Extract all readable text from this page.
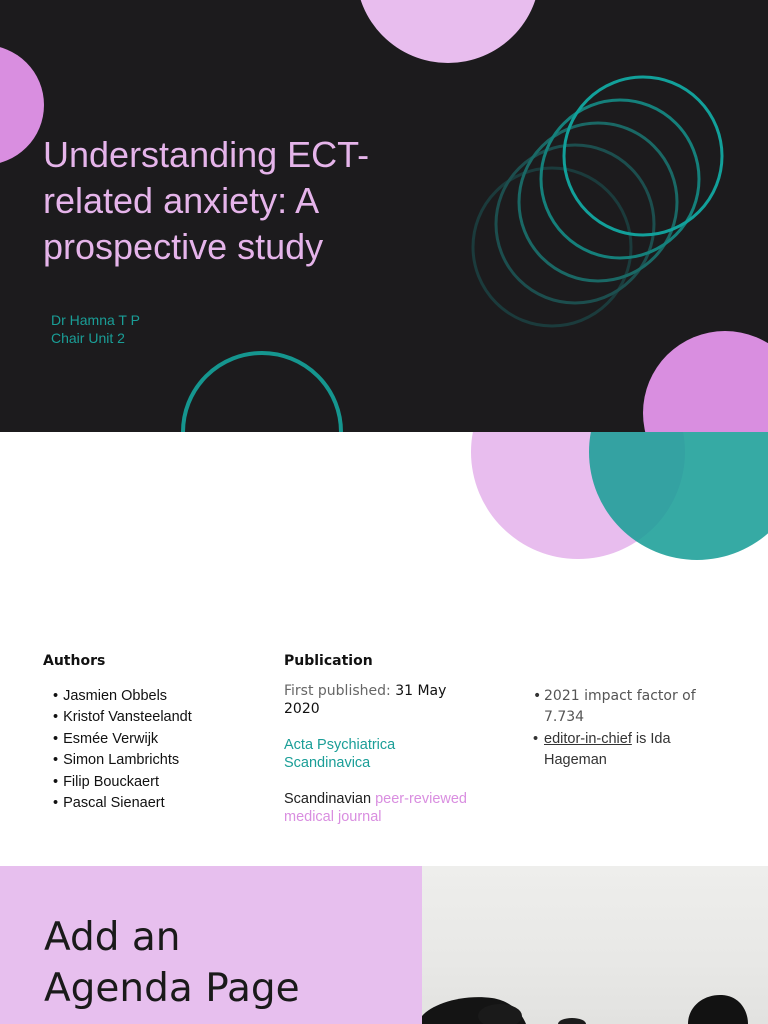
Understanding ECT-related anxiety: A prospective study
Dr Hamna T P
Chair Unit 2
Authors
• Jasmien Obbels
• Kristof Vansteelandt
• Esmée Verwijk
• Simon Lambrichts
• Filip Bouckaert
• Pascal Sienaert
Publication
First published: 31 May 2020
Acta Psychiatrica Scandinavica
Scandinavian peer-reviewed medical journal
• 2021 impact factor of 7.734
• editor-in-chief is Ida Hageman
Add an
Agenda Page
